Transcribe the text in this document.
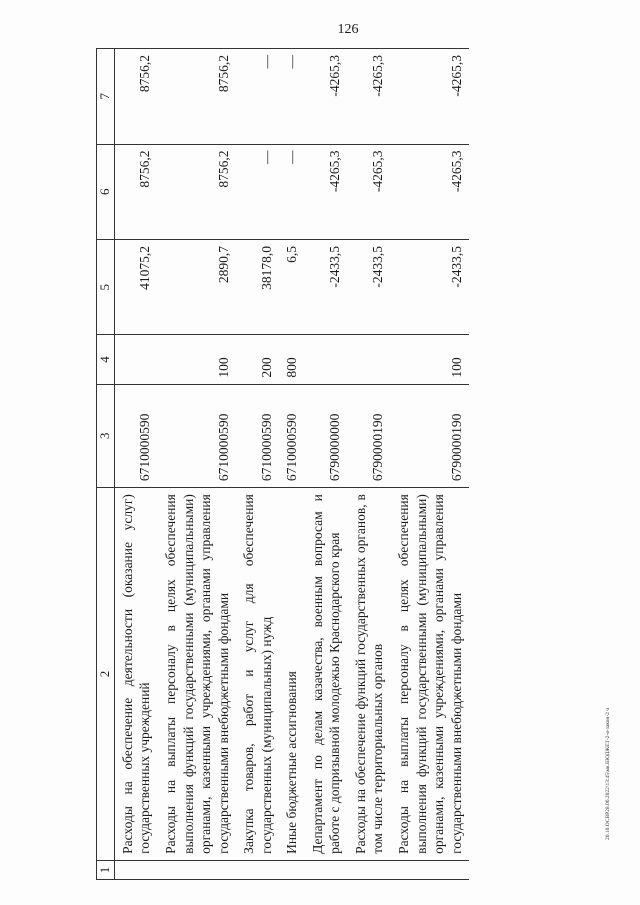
126
20.10.ОСВР28.06.2022\13:45\мк.БЮДЖЕТ-2-я-закон-2 ч
1	2	3	4	5	6	7
	Расходы на обеспечение деятельности (оказание услуг) государственных учреждений	6710000590		41075,2	8756,2	8756,2
	Расходы на выплаты персоналу в целях обеспечения выполнения функций государственными (муниципальными) органами, казенными учреждениями, органами управления государственными внебюджетными фондами	6710000590	100	2890,7	8756,2	8756,2
	Закупка товаров, работ и услуг для обеспечения государственных (муниципальных) нужд	6710000590	200	38178,0	—	—
	Иные бюджетные ассигнования	6710000590	800	6,5	—	—
	Департамент по делам казачества, военным вопросам и работе с допризывной молодежью Краснодарского края	6790000000		-2433,5	-4265,3	-4265,3
	Расходы на обеспечение функций государственных органов, в том числе территориальных органов	6790000190		-2433,5	-4265,3	-4265,3
	Расходы на выплаты персоналу в целях обеспечения выполнения функций государственными (муниципальными) органами, казенными учреждениями, органами управления государственными внебюджетными фондами	6790000190	100	-2433,5	-4265,3	-4265,3
